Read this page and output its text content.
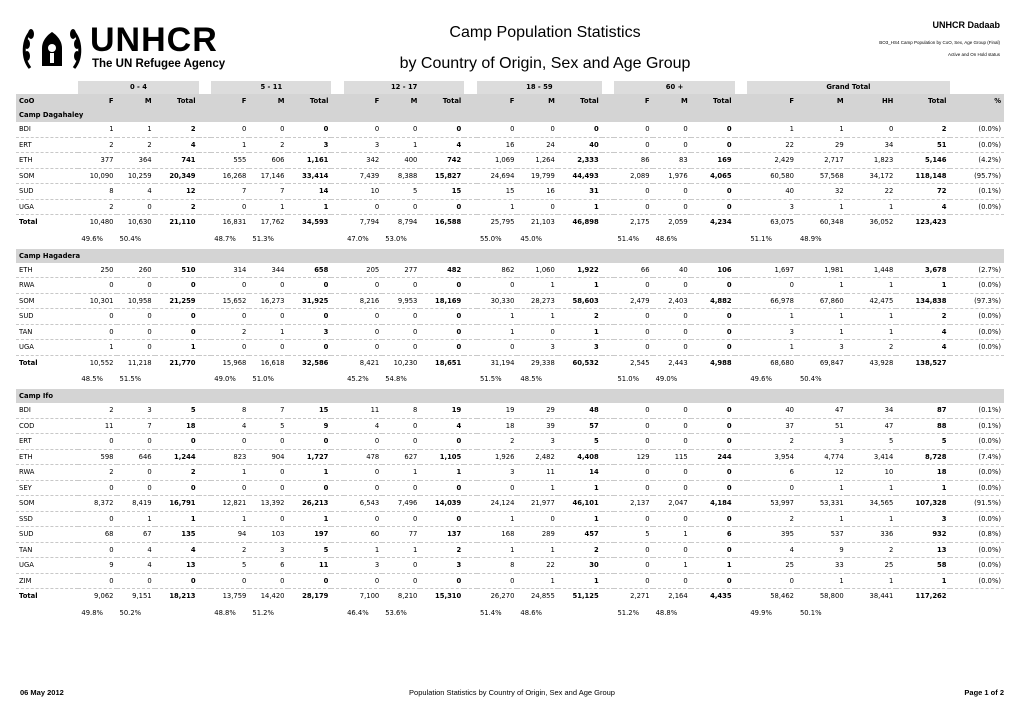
UNHCR
The UN Refugee Agency
Camp Population Statistics
by Country of Origin, Sex and Age Group
UNHCR Dadaab
BO3_HS4 Camp Population by CoO, Sex, Age Group (Final)
Active and On Hold status
	0 - 4				5 - 11				12 - 17				18 - 59				60 +				Grand Total				
CoO	F	M	Total		F	M	Total		F	M	Total		F	M	Total		F	M	Total		F	M	HH	Total	%
Camp Dagahaley																									
BDI	1	1	2		0	0	0		0	0	0		0	0	0		0	0	0		1	1	0	2	(0.0%)
ERT	2	2	4		1	2	3		3	1	4		16	24	40		0	0	0		22	29	34	51	(0.0%)
ETH	377	364	741		555	606	1,161		342	400	742		1,069	1,264	2,333		86	83	169		2,429	2,717	1,823	5,146	(4.2%)
SOM	10,090	10,259	20,349		16,268	17,146	33,414		7,439	8,388	15,827		24,694	19,799	44,493		2,089	1,976	4,065		60,580	57,568	34,172	118,148	(95.7%)
SUD	8	4	12		7	7	14		10	5	15		15	16	31		0	0	0		40	32	22	72	(0.1%)
UGA	2	0	2		0	1	1		0	0	0		1	0	1		0	0	0		3	1	1	4	(0.0%)
Total	10,480	10,630	21,110		16,831	17,762	34,593		7,794	8,794	16,588		25,795	21,103	46,898		2,175	2,059	4,234		63,075	60,348	36,052	123,423	
	49.6%	50.4%			48.7%	51.3%			47.0%	53.0%			55.0%	45.0%			51.4%	48.6%			51.1%	48.9%			
Camp Hagadera																									
ETH	250	260	510		314	344	658		205	277	482		862	1,060	1,922		66	40	106		1,697	1,981	1,448	3,678	(2.7%)
RWA	0	0	0		0	0	0		0	0	0		0	1	1		0	0	0		0	1	1	1	(0.0%)
SOM	10,301	10,958	21,259		15,652	16,273	31,925		8,216	9,953	18,169		30,330	28,273	58,603		2,479	2,403	4,882		66,978	67,860	42,475	134,838	(97.3%)
SUD	0	0	0		0	0	0		0	0	0		1	1	2		0	0	0		1	1	1	2	(0.0%)
TAN	0	0	0		2	1	3		0	0	0		1	0	1		0	0	0		3	1	1	4	(0.0%)
UGA	1	0	1		0	0	0		0	0	0		0	3	3		0	0	0		1	3	2	4	(0.0%)
Total	10,552	11,218	21,770		15,968	16,618	32,586		8,421	10,230	18,651		31,194	29,338	60,532		2,545	2,443	4,988		68,680	69,847	43,928	138,527	
	48.5%	51.5%			49.0%	51.0%			45.2%	54.8%			51.5%	48.5%			51.0%	49.0%			49.6%	50.4%			
Camp Ifo																									
BDI	2	3	5		8	7	15		11	8	19		19	29	48		0	0	0		40	47	34	87	(0.1%)
COD	11	7	18		4	5	9		4	0	4		18	39	57		0	0	0		37	51	47	88	(0.1%)
ERT	0	0	0		0	0	0		0	0	0		2	3	5		0	0	0		2	3	5	5	(0.0%)
ETH	598	646	1,244		823	904	1,727		478	627	1,105		1,926	2,482	4,408		129	115	244		3,954	4,774	3,414	8,728	(7.4%)
RWA	2	0	2		1	0	1		0	1	1		3	11	14		0	0	0		6	12	10	18	(0.0%)
SEY	0	0	0		0	0	0		0	0	0		0	1	1		0	0	0		0	1	1	1	(0.0%)
SOM	8,372	8,419	16,791		12,821	13,392	26,213		6,543	7,496	14,039		24,124	21,977	46,101		2,137	2,047	4,184		53,997	53,331	34,565	107,328	(91.5%)
SSD	0	1	1		1	0	1		0	0	0		1	0	1		0	0	0		2	1	1	3	(0.0%)
SUD	68	67	135		94	103	197		60	77	137		168	289	457		5	1	6		395	537	336	932	(0.8%)
TAN	0	4	4		2	3	5		1	1	2		1	1	2		0	0	0		4	9	2	13	(0.0%)
UGA	9	4	13		5	6	11		3	0	3		8	22	30		0	1	1		25	33	25	58	(0.0%)
ZIM	0	0	0		0	0	0		0	0	0		0	1	1		0	0	0		0	1	1	1	(0.0%)
Total	9,062	9,151	18,213		13,759	14,420	28,179		7,100	8,210	15,310		26,270	24,855	51,125		2,271	2,164	4,435		58,462	58,800	38,441	117,262	
	49.8%	50.2%			48.8%	51.2%			46.4%	53.6%			51.4%	48.6%			51.2%	48.8%			49.9%	50.1%			
06 May 2012	Population Statistics by Country of Origin, Sex and Age Group	Page 1 of 2
